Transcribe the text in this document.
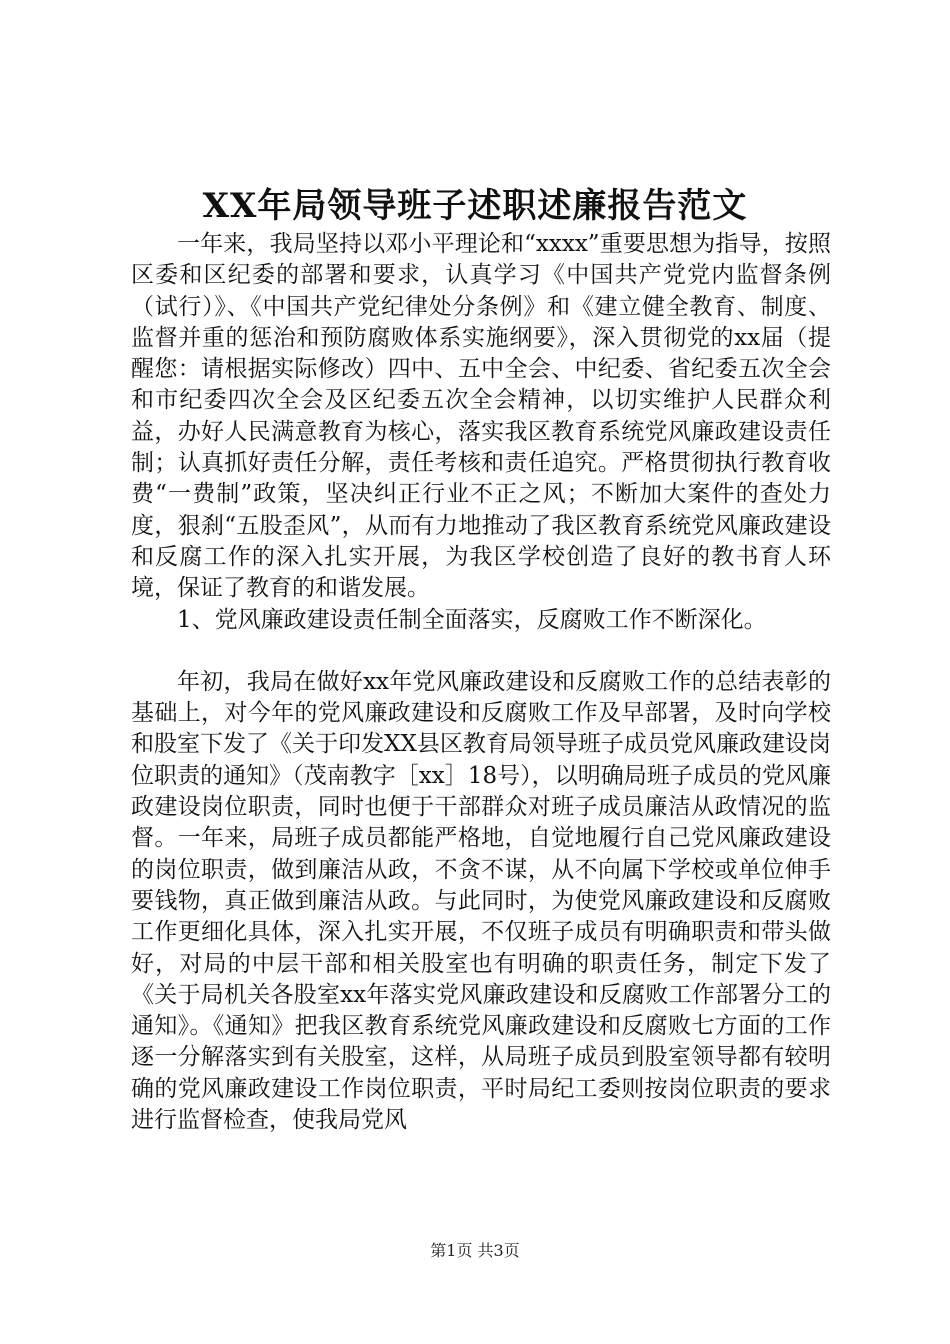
XX年局领导班子述职述廉报告范文

一年来，我局坚持以邓小平理论和“xxxx”重要思想为指导，按照区委和区纪委的部署和要求，认真学习《中国共产党党内监督条例（试行）》、《中国共产党纪律处分条例》和《建立健全教育、制度、监督并重的惩治和预防腐败体系实施纲要》，深入贯彻党的xx届（提醒您：请根据实际修改）四中、五中全会、中纪委、省纪委五次全会和市纪委四次全会及区纪委五次全会精神，以切实维护人民群众利益，办好人民满意教育为核心，落实我区教育系统党风廉政建设责任制；认真抓好责任分解，责任考核和责任追究。严格贯彻执行教育收费“一费制”政策，坚决纠正行业不正之风；不断加大案件的查处力度，狠刹“五股歪风”，从而有力地推动了我区教育系统党风廉政建设和反腐工作的深入扎实开展，为我区学校创造了良好的教书育人环境，保证了教育的和谐发展。

1、党风廉政建设责任制全面落实，反腐败工作不断深化。

年初，我局在做好xx年党风廉政建设和反腐败工作的总结表彰的基础上，对今年的党风廉政建设和反腐败工作及早部署，及时向学校和股室下发了《关于印发XX县区教育局领导班子成员党风廉政建设岗位职责的通知》（茂南教字［xx］18号），以明确局班子成员的党风廉政建设岗位职责，同时也便于干部群众对班子成员廉洁从政情况的监督。一年来，局班子成员都能严格地，自觉地履行自己党风廉政建设的岗位职责，做到廉洁从政，不贪不谋，从不向属下学校或单位伸手要钱物，真正做到廉洁从政。与此同时，为使党风廉政建设和反腐败工作更细化具体，深入扎实开展，不仅班子成员有明确职责和带头做好，对局的中层干部和相关股室也有明确的职责任务，制定下发了《关于局机关各股室xx年落实党风廉政建设和反腐败工作部署分工的通知》。《通知》把我区教育系统党风廉政建设和反腐败七方面的工作逐一分解落实到有关股室，这样，从局班子成员到股室领导都有较明确的党风廉政建设工作岗位职责，平时局纪工委则按岗位职责的要求进行监督检查，使我局党风

第1页 共3页
